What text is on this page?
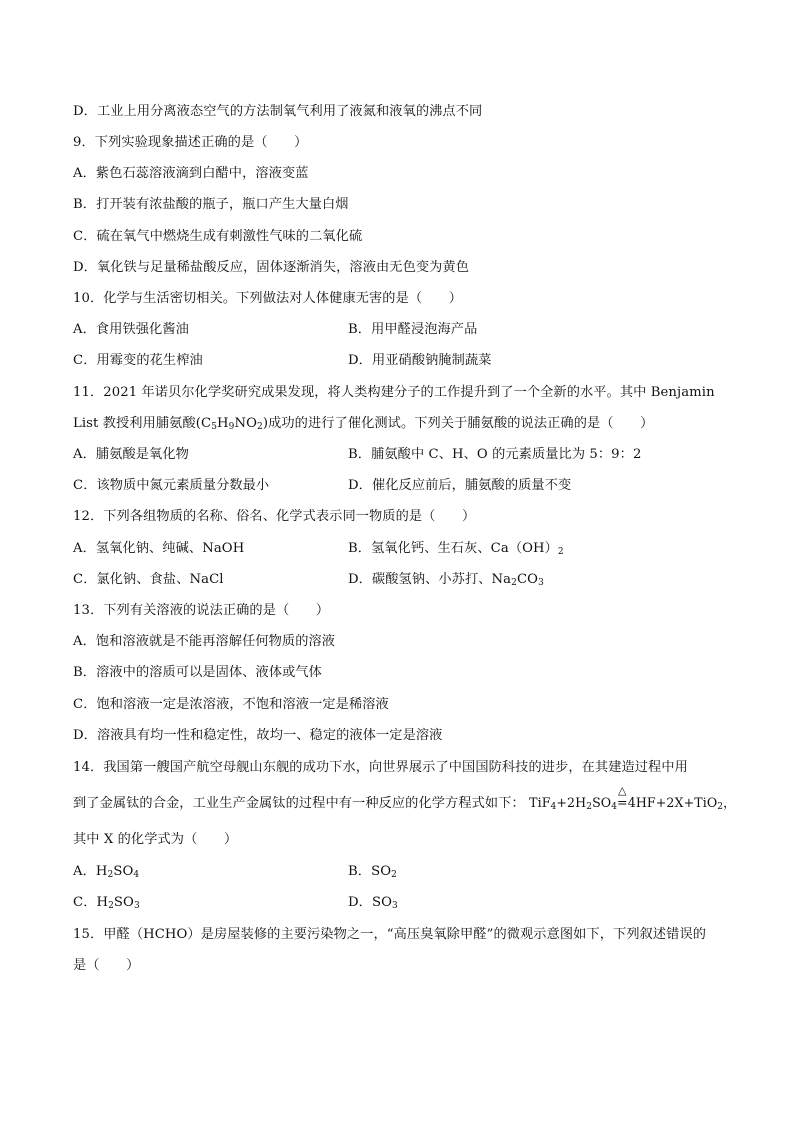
D．工业上用分离液态空气的方法制氧气利用了液氮和液氧的沸点不同
9．下列实验现象描述正确的是（　　）
A．紫色石蕊溶液滴到白醋中，溶液变蓝
B．打开装有浓盐酸的瓶子，瓶口产生大量白烟
C．硫在氧气中燃烧生成有刺激性气味的二氧化硫
D．氧化铁与足量稀盐酸反应，固体逐渐消失，溶液由无色变为黄色
10．化学与生活密切相关。下列做法对人体健康无害的是（　　）
A．食用铁强化酱油	B．用甲醛浸泡海产品
C．用霉变的花生榨油	D．用亚硝酸钠腌制蔬菜
11．2021 年诺贝尔化学奖研究成果发现，将人类构建分子的工作提升到了一个全新的水平。其中 Benjamin
List 教授利用脯氨酸$(C_5H_9NO_2)$成功的进行了催化测试。下列关于脯氨酸的说法正确的是（　　）
A．脯氨酸是氧化物	B．脯氨酸中 C、H、O 的元素质量比为 5：9：2
C．该物质中氮元素质量分数最小	D．催化反应前后，脯氨酸的质量不变
12．下列各组物质的名称、俗名、化学式表示同一物质的是（　　）
A．氢氧化钠、纯碱、NaOH	B．氢氧化钙、生石灰、$Ca(OH)_2$
C．氯化钠、食盐、NaCl	D．碳酸氢钠、小苏打、$Na_2CO_3$
13．下列有关溶液的说法正确的是（　　）
A．饱和溶液就是不能再溶解任何物质的溶液
B．溶液中的溶质可以是固体、液体或气体
C．饱和溶液一定是浓溶液，不饱和溶液一定是稀溶液
D．溶液具有均一性和稳定性，故均一、稳定的液体一定是溶液
14．我国第一艘国产航空母舰山东舰的成功下水，向世界展示了中国国防科技的进步，在其建造过程中用
到了金属钛的合金，工业生产金属钛的过程中有一种反应的化学方程式如下： $TiF_4+2H_2SO_4$
△
=4HF+2X+TiO$_2$，
其中 X 的化学式为（　　）
A．$H_2SO_4$	B．$SO_2$
C．$H_2SO_3$	D．$SO_3$
15．甲醛（HCHO）是房屋装修的主要污染物之一，“高压臭氧除甲醛”的微观示意图如下，下列叙述错误的
是（　　）
